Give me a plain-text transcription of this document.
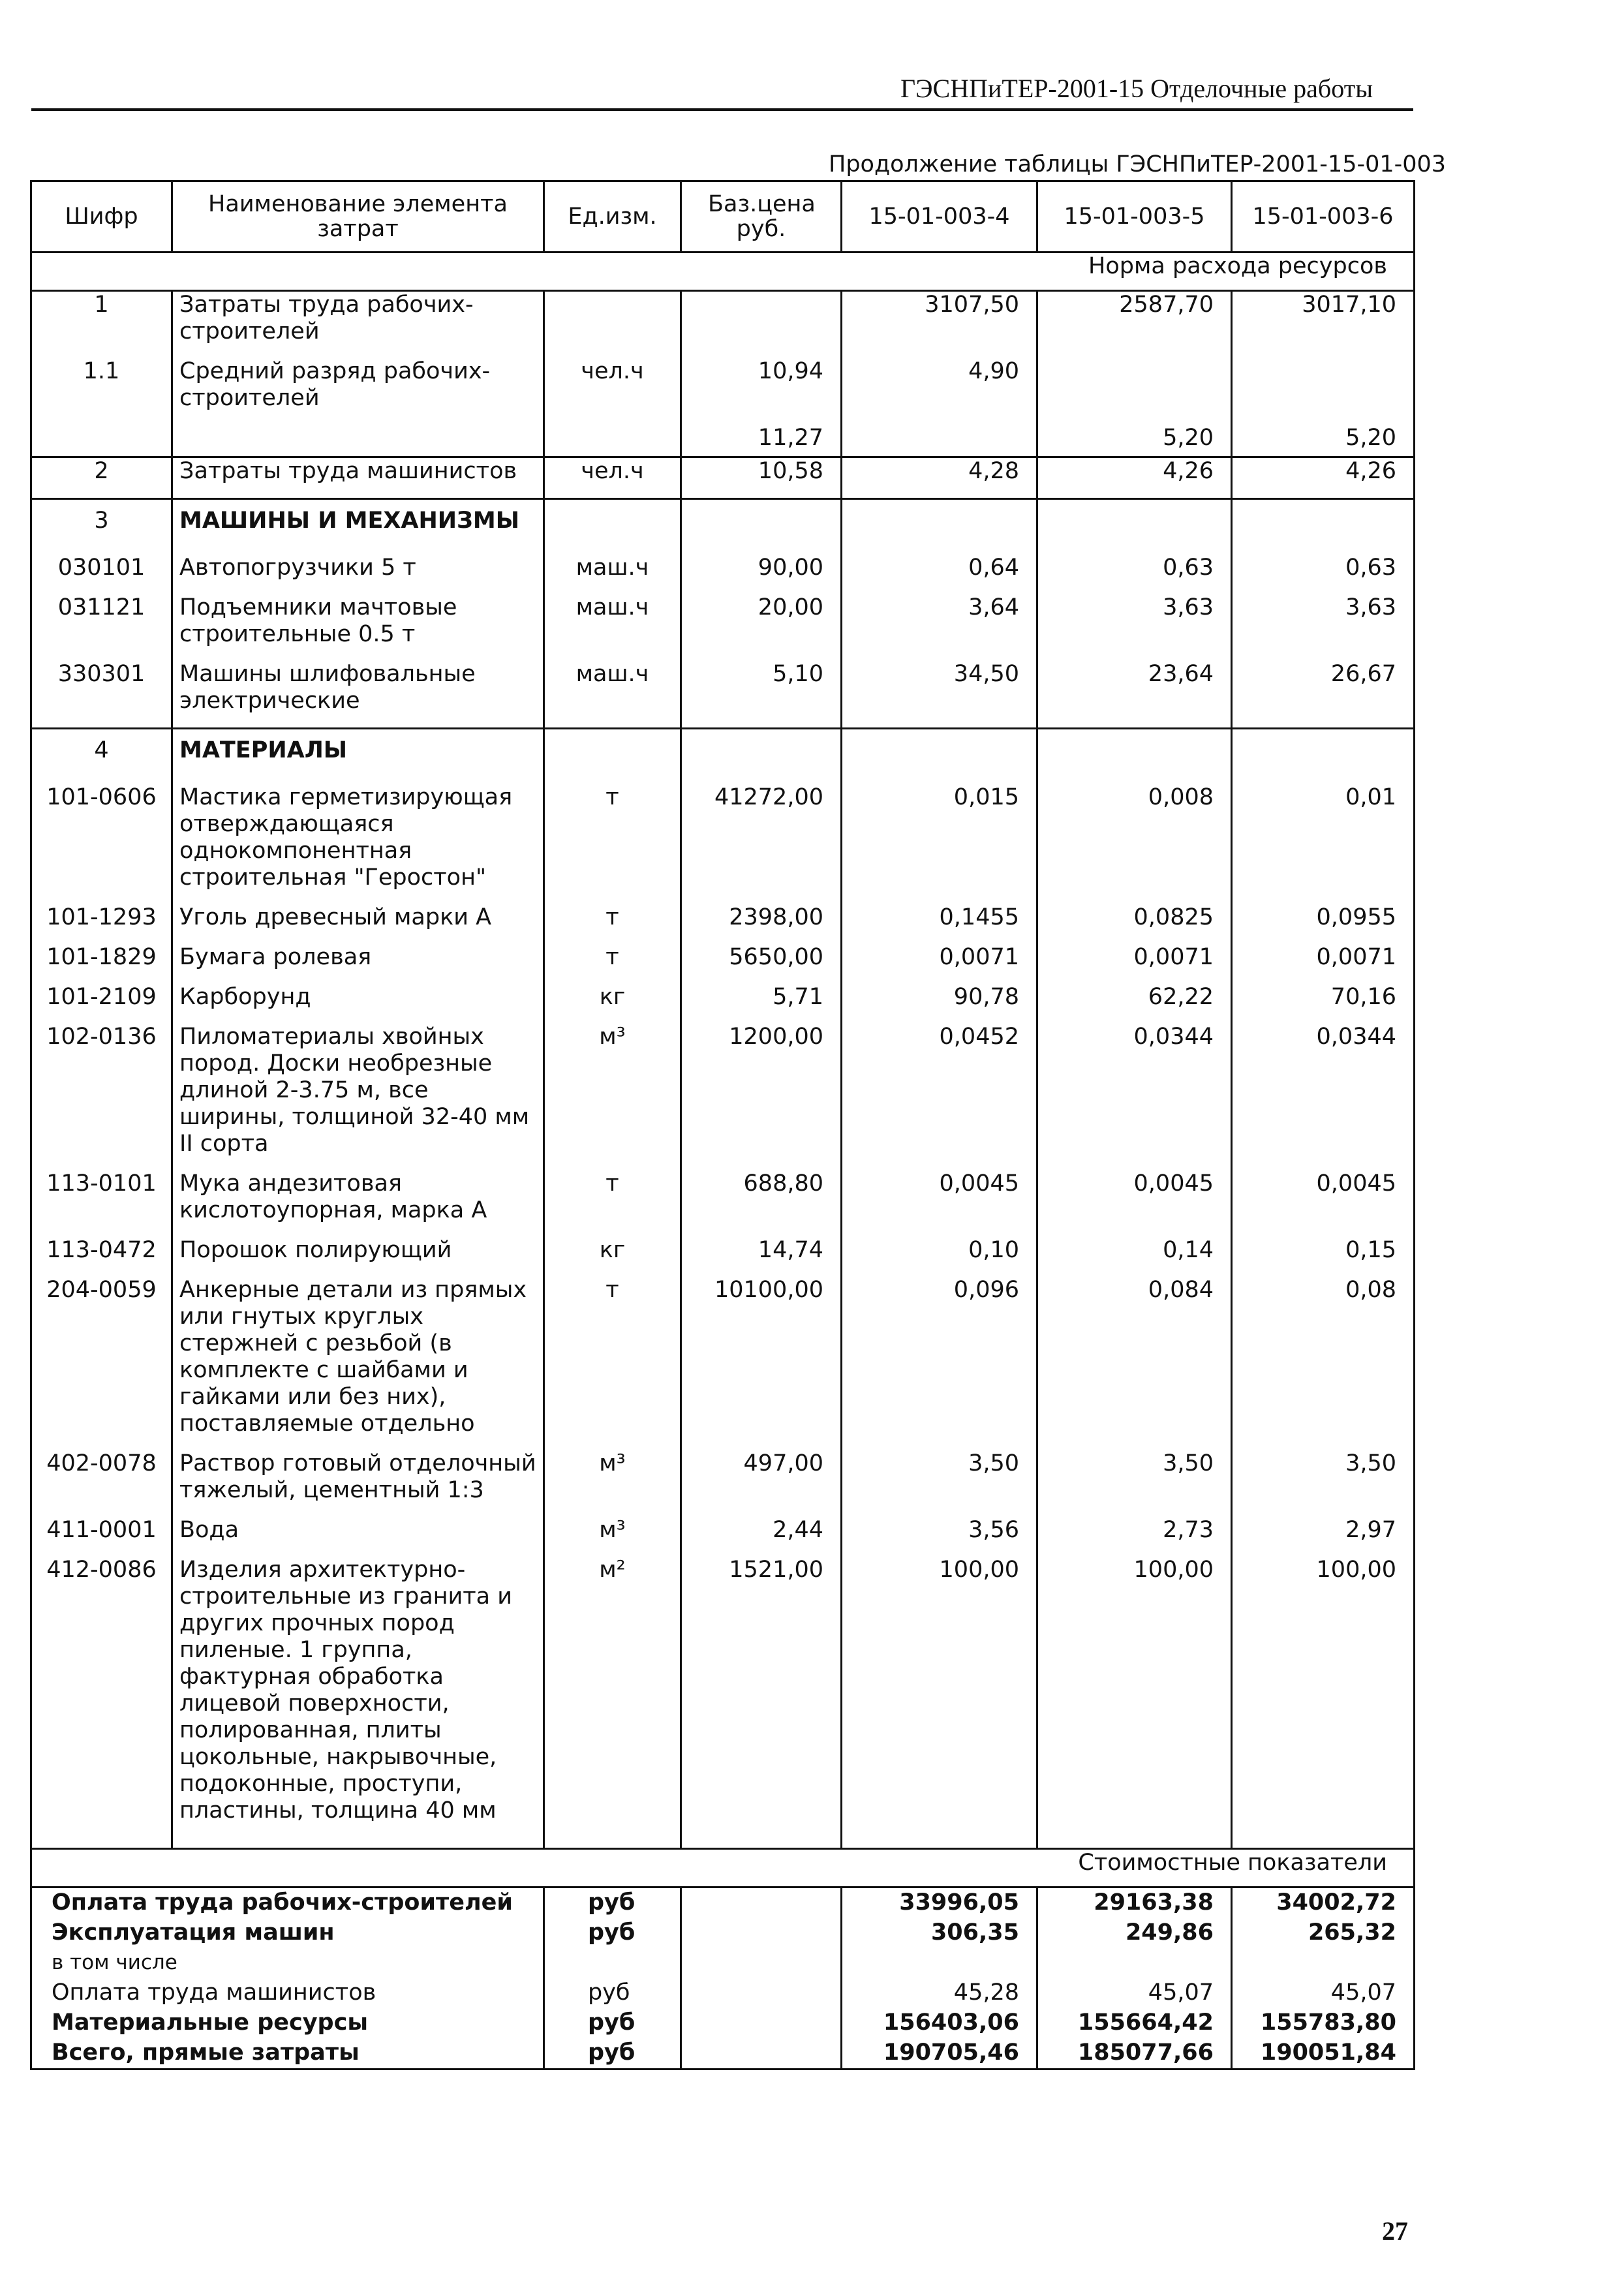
ГЭСНПиТЕР-2001-15 Отделочные работы
Продолжение таблицы ГЭСНПиТЕР-2001-15-01-003
Шифр	Наименование элемента затрат	Ед.изм.	Баз.цена руб.	15-01-003-4	15-01-003-5	15-01-003-6
Норма расхода ресурсов						
1	Затраты труда рабочих-строителей			3107,50	2587,70	3017,10
1.1	Средний разряд рабочих-строителей	чел.ч	10,94	4,90		
			11,27		5,20	5,20
2	Затраты труда машинистов	чел.ч	10,58	4,28	4,26	4,26
3	МАШИНЫ И МЕХАНИЗМЫ					
030101	Автопогрузчики 5 т	маш.ч	90,00	0,64	0,63	0,63
031121	Подъемники мачтовые строительные 0.5 т	маш.ч	20,00	3,64	3,63	3,63
330301	Машины шлифовальные электрические	маш.ч	5,10	34,50	23,64	26,67
4	МАТЕРИАЛЫ					
101-0606	Мастика герметизирующая отверждающаяся однокомпонентная строительная "Геростон"	т	41272,00	0,015	0,008	0,01
101-1293	Уголь древесный марки А	т	2398,00	0,1455	0,0825	0,0955
101-1829	Бумага ролевая	т	5650,00	0,0071	0,0071	0,0071
101-2109	Карборунд	кг	5,71	90,78	62,22	70,16
102-0136	Пиломатериалы хвойных пород. Доски необрезные длиной 2-3.75 м, все ширины, толщиной 32-40 мм II сорта	м³	1200,00	0,0452	0,0344	0,0344
113-0101	Мука андезитовая кислотоупорная, марка А	т	688,80	0,0045	0,0045	0,0045
113-0472	Порошок полирующий	кг	14,74	0,10	0,14	0,15
204-0059	Анкерные детали из прямых или гнутых круглых стержней с резьбой (в комплекте с шайбами и гайками или без них), поставляемые отдельно	т	10100,00	0,096	0,084	0,08
402-0078	Раствор готовый отделочный тяжелый, цементный 1:3	м³	497,00	3,50	3,50	3,50
411-0001	Вода	м³	2,44	3,56	2,73	2,97
412-0086	Изделия архитектурно-строительные из гранита и других прочных пород пиленые. 1 группа, фактурная обработка лицевой поверхности, полированная, плиты цокольные, накрывочные, подоконные, проступи, пластины, толщина 40 мм	м²	1521,00	100,00	100,00	100,00

Стоимостные показатели						
Оплата труда рабочих-строителей		руб		33996,05	29163,38	34002,72
Эксплуатация машин		руб		306,35	249,86	265,32
в том числе						
Оплата труда машинистов		руб		45,28	45,07	45,07
Материальные ресурсы		руб		156403,06	155664,42	155783,80
Всего, прямые затраты		руб		190705,46	185077,66	190051,84
27
